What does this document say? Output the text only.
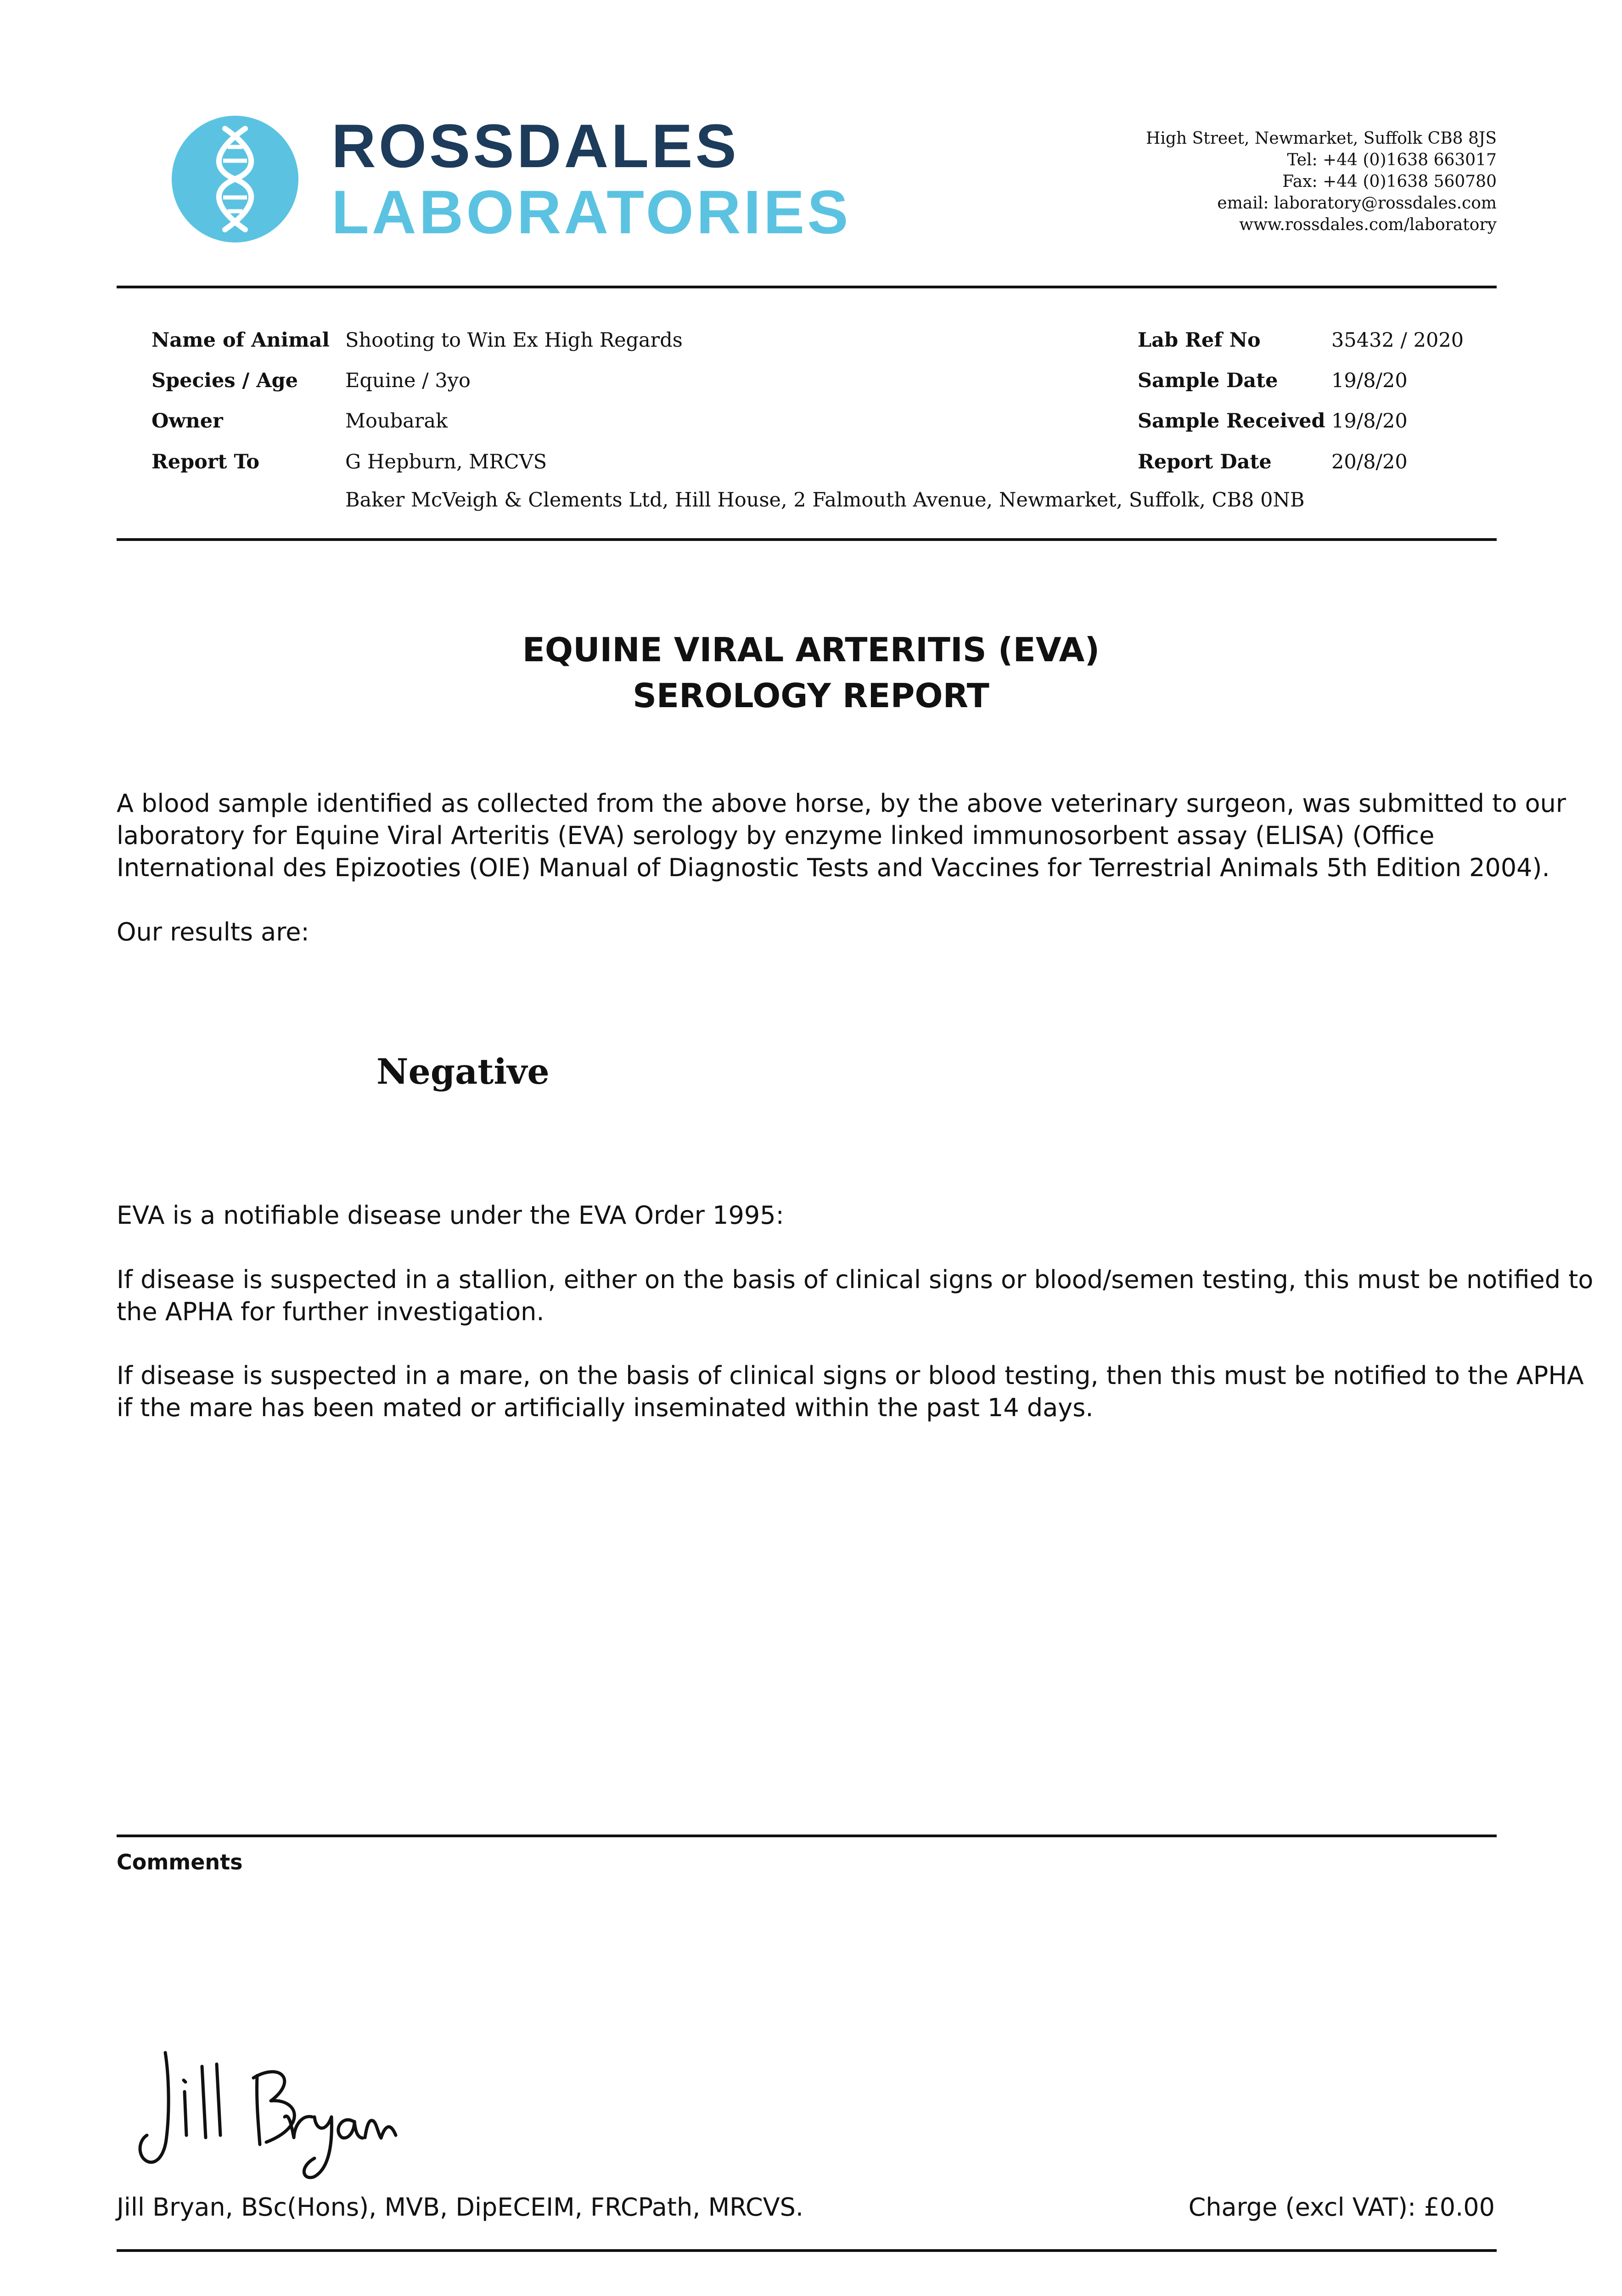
ROSSDALES
LABORATORIES
High Street, Newmarket, Suffolk CB8 8JS
Tel: +44 (0)1638 663017
Fax: +44 (0)1638 560780
email: laboratory@rossdales.com
www.rossdales.com/laboratory
Name of Animal Shooting to Win Ex High Regards
Species / Age Equine / 3yo
Owner	Moubarak
Report To	G Hepburn, MRCVS
Baker McVeigh & Clements Ltd, Hill House, 2 Falmouth Avenue, Newmarket, Suffolk, CB8 0NB
Lab Ref No	35432 / 2020
Sample Date	19/8/20
Sample Received 19/8/20
Report Date	20/8/20
EQUINE VIRAL ARTERITIS (EVA)
SEROLOGY REPORT
A blood sample identified as collected from the above horse, by the above veterinary surgeon, was submitted to our
laboratory for Equine Viral Arteritis (EVA) serology by enzyme linked immunosorbent assay (ELISA) (Office
International des Epizooties (OIE) Manual of Diagnostic Tests and Vaccines for Terrestrial Animals 5th Edition 2004).
Our results are:
Negative
EVA is a notifiable disease under the EVA Order 1995:
If disease is suspected in a stallion, either on the basis of clinical signs or blood/semen testing, this must be notified to
the APHA for further investigation.
If disease is suspected in a mare, on the basis of clinical signs or blood testing, then this must be notified to the APHA
if the mare has been mated or artificially inseminated within the past 14 days.
Comments
Jill Bryan, BSc(Hons), MVB, DipECEIM, FRCPath, MRCVS.	Charge (excl VAT): £0.00
